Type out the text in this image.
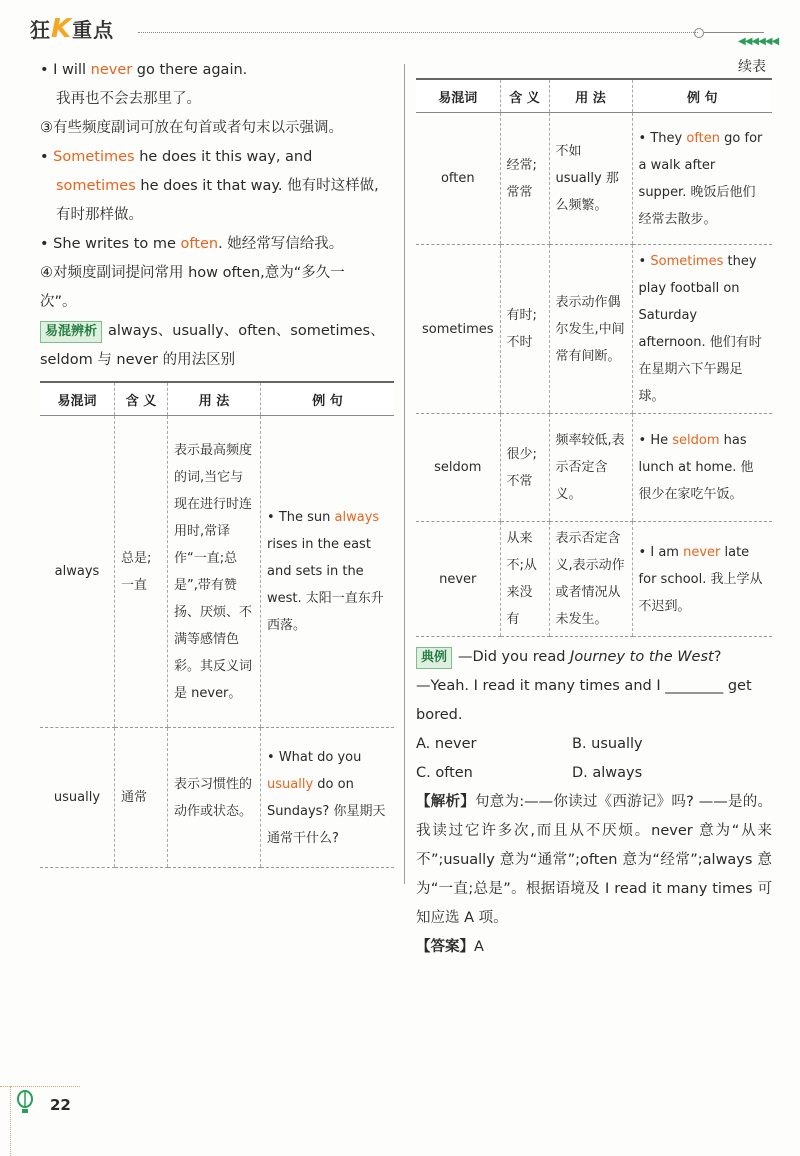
狂K重点	◀◀◀◀◀◀
• I will never go there again.
我再也不会去那里了。
③有些频度副词可放在句首或者句末以示强调。
• Sometimes he does it this way, and
sometimes he does it that way. 他有时这样做,
有时那样做。
• She writes to me often. 她经常写信给我。
④对频度副词提问常用 how often,意为“多久一
次”。
易混辨析 always、usually、often、sometimes、
seldom 与 never 的用法区别
易混词	含 义	用 法	例 句
always	总是;一直	表示最高频度的词,当它与现在进行时连用时,常译作“一直;总是”,带有赞扬、厌烦、不满等感情色彩。其反义词是 never。	• The sun always rises in the east and sets in the west. 太阳一直东升西落。
usually	通常	表示习惯性的动作或状态。	• What do you usually do on Sundays? 你星期天通常干什么?
续表
易混词	含 义	用 法	例 句
often	经常;常常	不如 usually 那么频繁。	• They often go for a walk after supper. 晚饭后他们经常去散步。
sometimes	有时;不时	表示动作偶尔发生,中间常有间断。	• Sometimes they play football on Saturday afternoon. 他们有时在星期六下午踢足球。
seldom	很少;不常	频率较低,表示否定含义。	• He seldom has lunch at home. 他很少在家吃午饭。
never	从来不;从来没有	表示否定含义,表示动作或者情况从未发生。	• I am never late for school. 我上学从不迟到。
典例 —Did you read Journey to the West?
—Yeah. I read it many times and I ________ get
bored.
A. never	B. usually
C. often	D. always
【解析】句意为:——你读过《西游记》吗? ——是的。我读过它许多次,而且从不厌烦。never 意为“从来不”;usually 意为“通常”;often 意为“经常”;always 意为“一直;总是”。根据语境及 I read it many times 可知应选 A 项。
【答案】A
22
